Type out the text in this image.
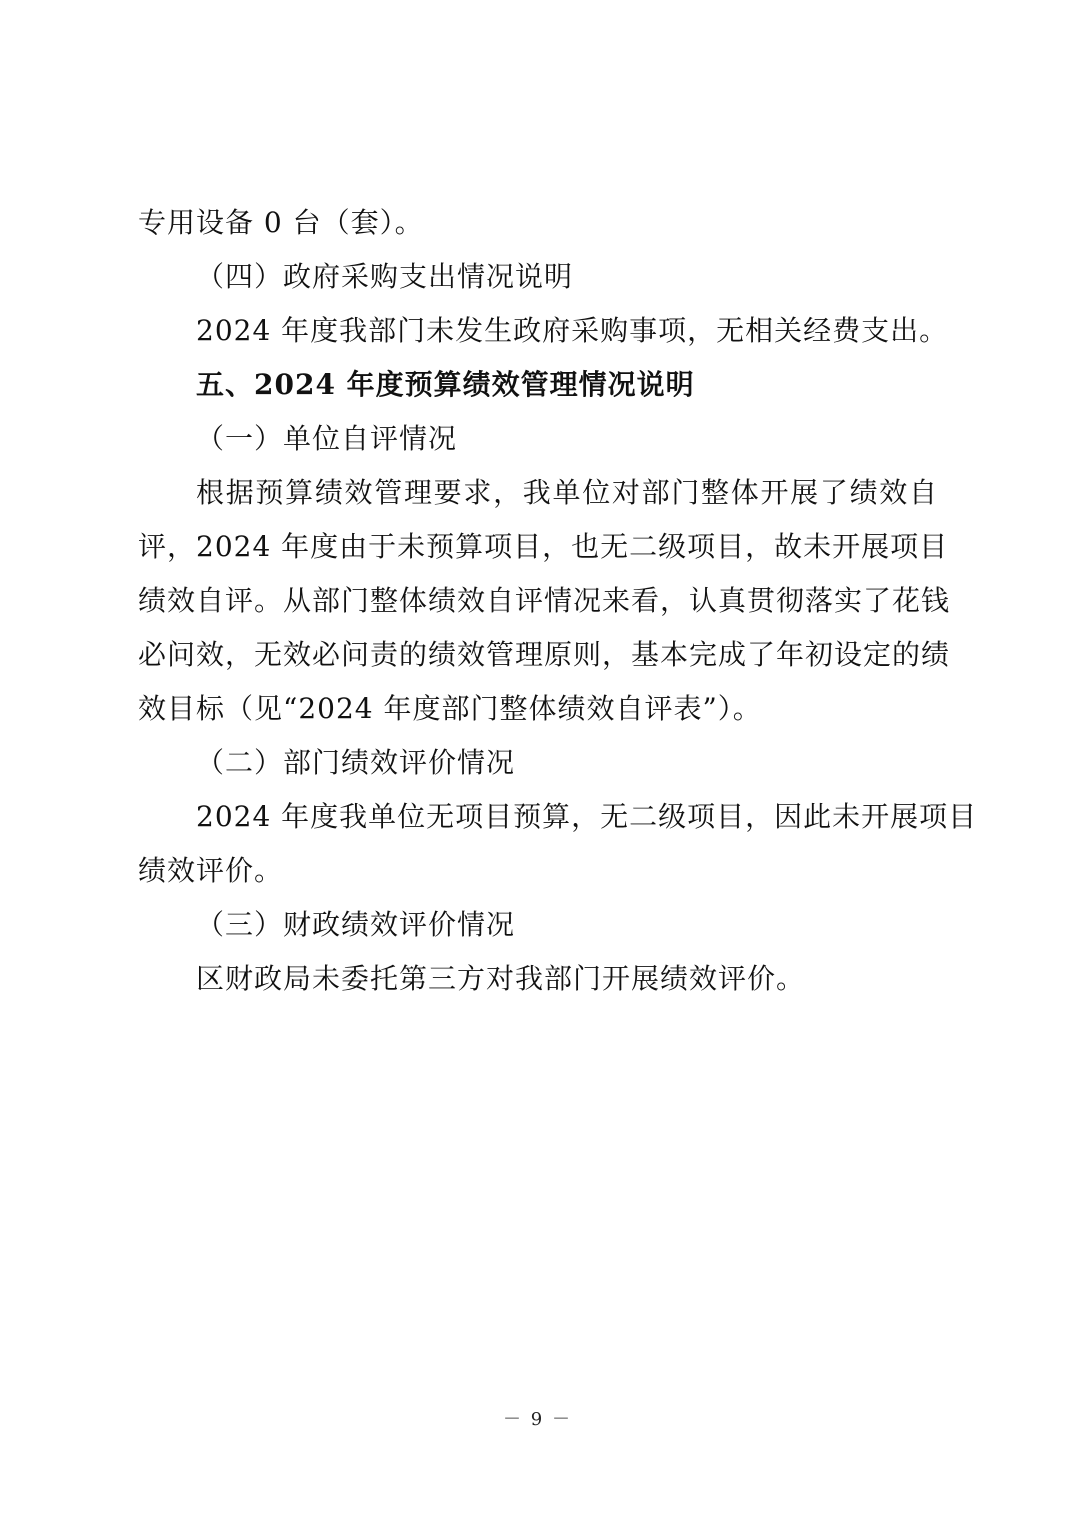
专用设备 0 台（套）。
（四）政府采购支出情况说明
2024 年度我部门未发生政府采购事项，无相关经费支出。
五、2024 年度预算绩效管理情况说明
（一）单位自评情况
根据预算绩效管理要求，我单位对部门整体开展了绩效自
评，2024 年度由于未预算项目，也无二级项目，故未开展项目
绩效自评。从部门整体绩效自评情况来看，认真贯彻落实了花钱
必问效，无效必问责的绩效管理原则，基本完成了年初设定的绩
效目标（见“2024 年度部门整体绩效自评表”）。
（二）部门绩效评价情况
2024 年度我单位无项目预算，无二级项目，因此未开展项目
绩效评价。
（三）财政绩效评价情况
区财政局未委托第三方对我部门开展绩效评价。
－ 9 －
